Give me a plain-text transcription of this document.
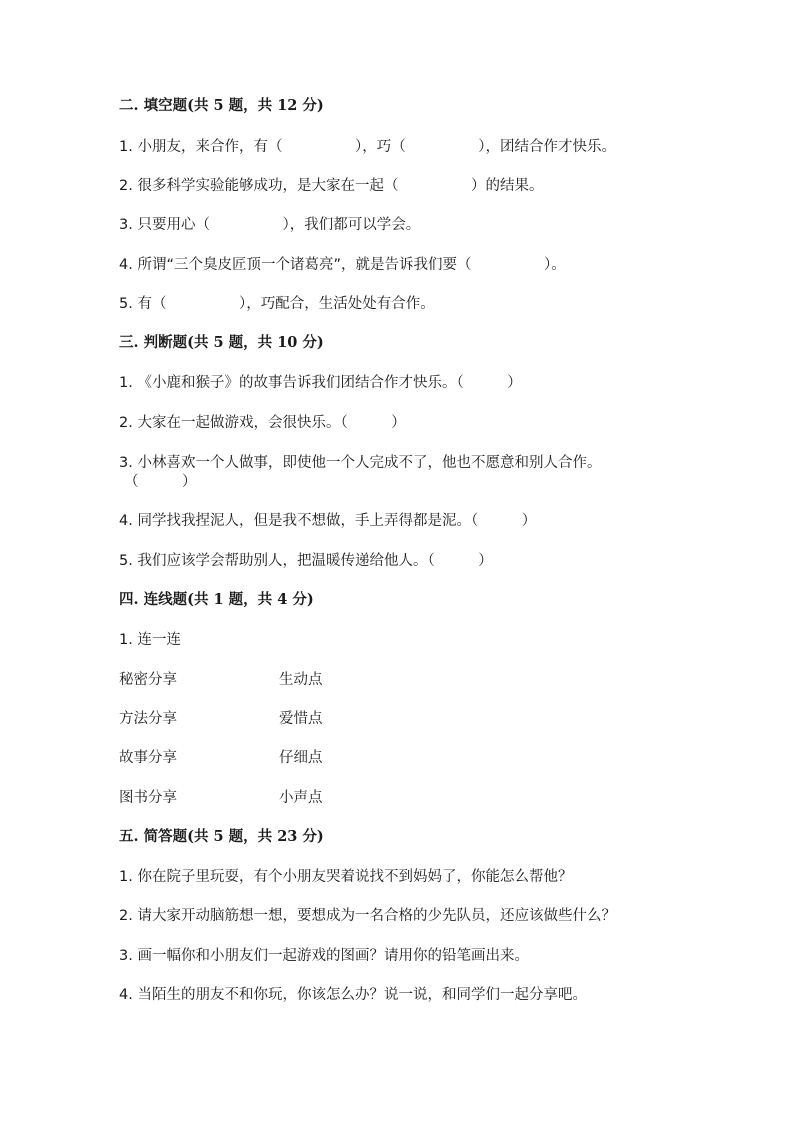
二. 填空题(共 5 题，共 12 分)
1. 小朋友，来合作，有（　　　　　），巧（　　　　　），团结合作才快乐。
2. 很多科学实验能够成功，是大家在一起（　　　　　）的结果。
3. 只要用心（　　　　　），我们都可以学会。
4. 所谓“三个臭皮匠顶一个诸葛亮”，就是告诉我们要（　　　　　）。
5. 有（　　　　　），巧配合，生活处处有合作。
三. 判断题(共 5 题，共 10 分)
1. 《小鹿和猴子》的故事告诉我们团结合作才快乐。（　　　）
2. 大家在一起做游戏，会很快乐。（　　　）
3. 小林喜欢一个人做事，即使他一个人完成不了，他也不愿意和别人合作。
（　　　）
4. 同学找我捏泥人，但是我不想做，手上弄得都是泥。（　　　）
5. 我们应该学会帮助别人，把温暖传递给他人。（　　　）
四. 连线题(共 1 题，共 4 分)
1. 连一连
秘密分享	生动点
方法分享	爱惜点
故事分享	仔细点
图书分享	小声点
五. 简答题(共 5 题，共 23 分)
1. 你在院子里玩耍，有个小朋友哭着说找不到妈妈了，你能怎么帮他？
2. 请大家开动脑筋想一想，要想成为一名合格的少先队员，还应该做些什么？
3. 画一幅你和小朋友们一起游戏的图画？请用你的铅笔画出来。
4. 当陌生的朋友不和你玩，你该怎么办？说一说，和同学们一起分享吧。
